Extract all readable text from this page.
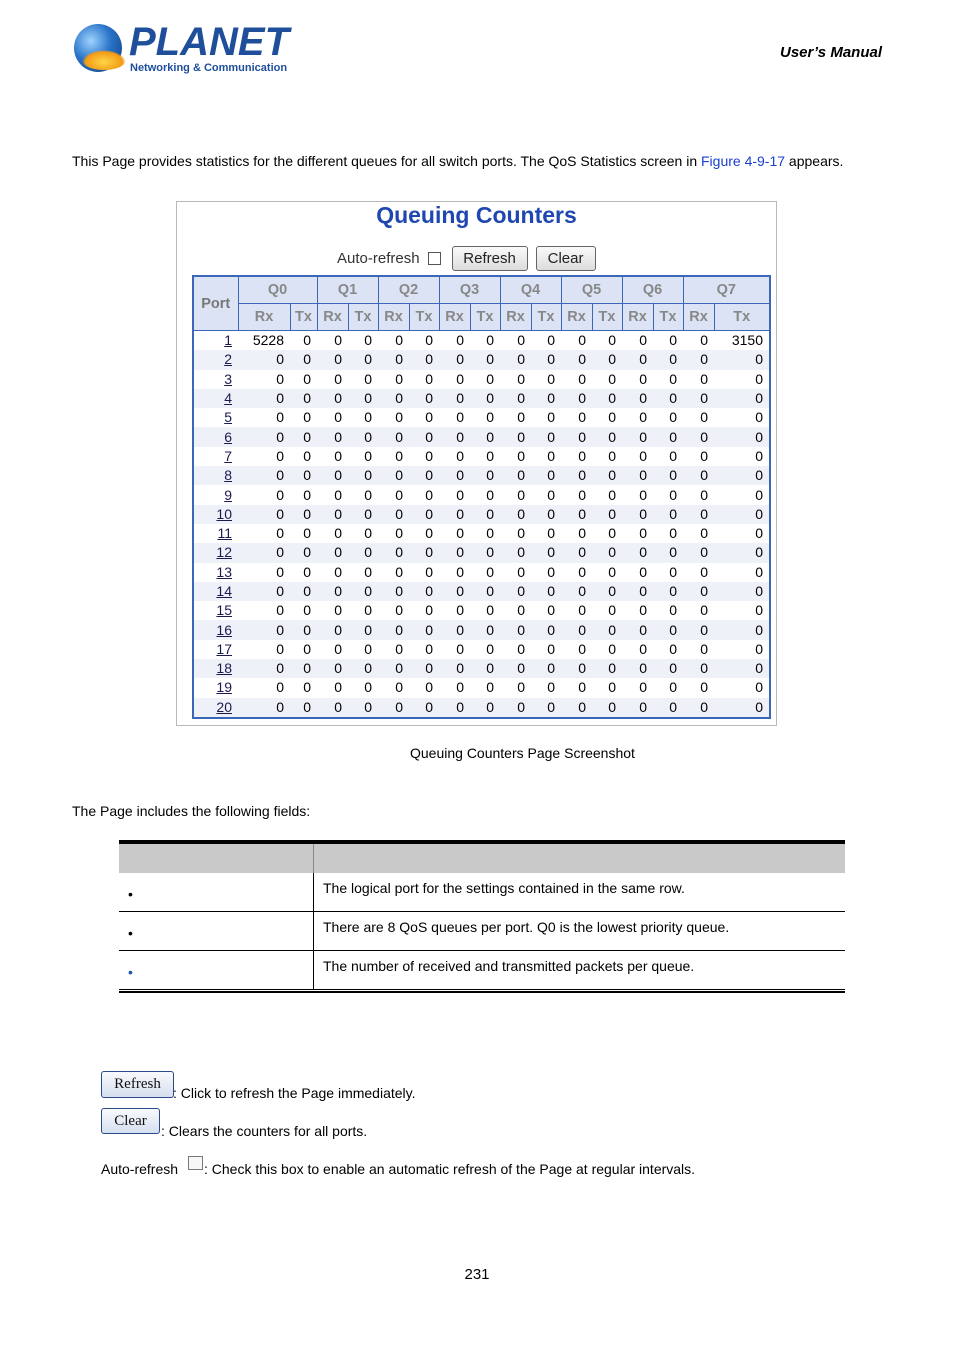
PLANET
Networking & Communication
User’s Manual
This Page provides statistics for the different queues for all switch ports. The QoS Statistics screen in Figure 4-9-17 appears.
Queuing Counters
Auto-refresh	Refresh	Clear
Port	Q0		Q1		Q2		Q3		Q4		Q5		Q6		Q7	
	Rx	Tx	Rx	Tx	Rx	Tx	Rx	Tx	Rx	Tx	Rx	Tx	Rx	Tx	Rx	Tx
1	5228	0	0	0	0	0	0	0	0	0	0	0	0	0	0	3150
2	0	0	0	0	0	0	0	0	0	0	0	0	0	0	0	0
3	0	0	0	0	0	0	0	0	0	0	0	0	0	0	0	0
4	0	0	0	0	0	0	0	0	0	0	0	0	0	0	0	0
5	0	0	0	0	0	0	0	0	0	0	0	0	0	0	0	0
6	0	0	0	0	0	0	0	0	0	0	0	0	0	0	0	0
7	0	0	0	0	0	0	0	0	0	0	0	0	0	0	0	0
8	0	0	0	0	0	0	0	0	0	0	0	0	0	0	0	0
9	0	0	0	0	0	0	0	0	0	0	0	0	0	0	0	0
10	0	0	0	0	0	0	0	0	0	0	0	0	0	0	0	0
11	0	0	0	0	0	0	0	0	0	0	0	0	0	0	0	0
12	0	0	0	0	0	0	0	0	0	0	0	0	0	0	0	0
13	0	0	0	0	0	0	0	0	0	0	0	0	0	0	0	0
14	0	0	0	0	0	0	0	0	0	0	0	0	0	0	0	0
15	0	0	0	0	0	0	0	0	0	0	0	0	0	0	0	0
16	0	0	0	0	0	0	0	0	0	0	0	0	0	0	0	0
17	0	0	0	0	0	0	0	0	0	0	0	0	0	0	0	0
18	0	0	0	0	0	0	0	0	0	0	0	0	0	0	0	0
19	0	0	0	0	0	0	0	0	0	0	0	0	0	0	0	0
20	0	0	0	0	0	0	0	0	0	0	0	0	0	0	0	0
Queuing Counters Page Screenshot
The Page includes the following fields:
•	The logical port for the settings contained in the same row.
•	There are 8 QoS queues per port. Q0 is the lowest priority queue.
•	The number of received and transmitted packets per queue.
Refresh
: Click to refresh the Page immediately.
Clear
: Clears the counters for all ports.
Auto-refresh : Check this box to enable an automatic refresh of the Page at regular intervals.
231
